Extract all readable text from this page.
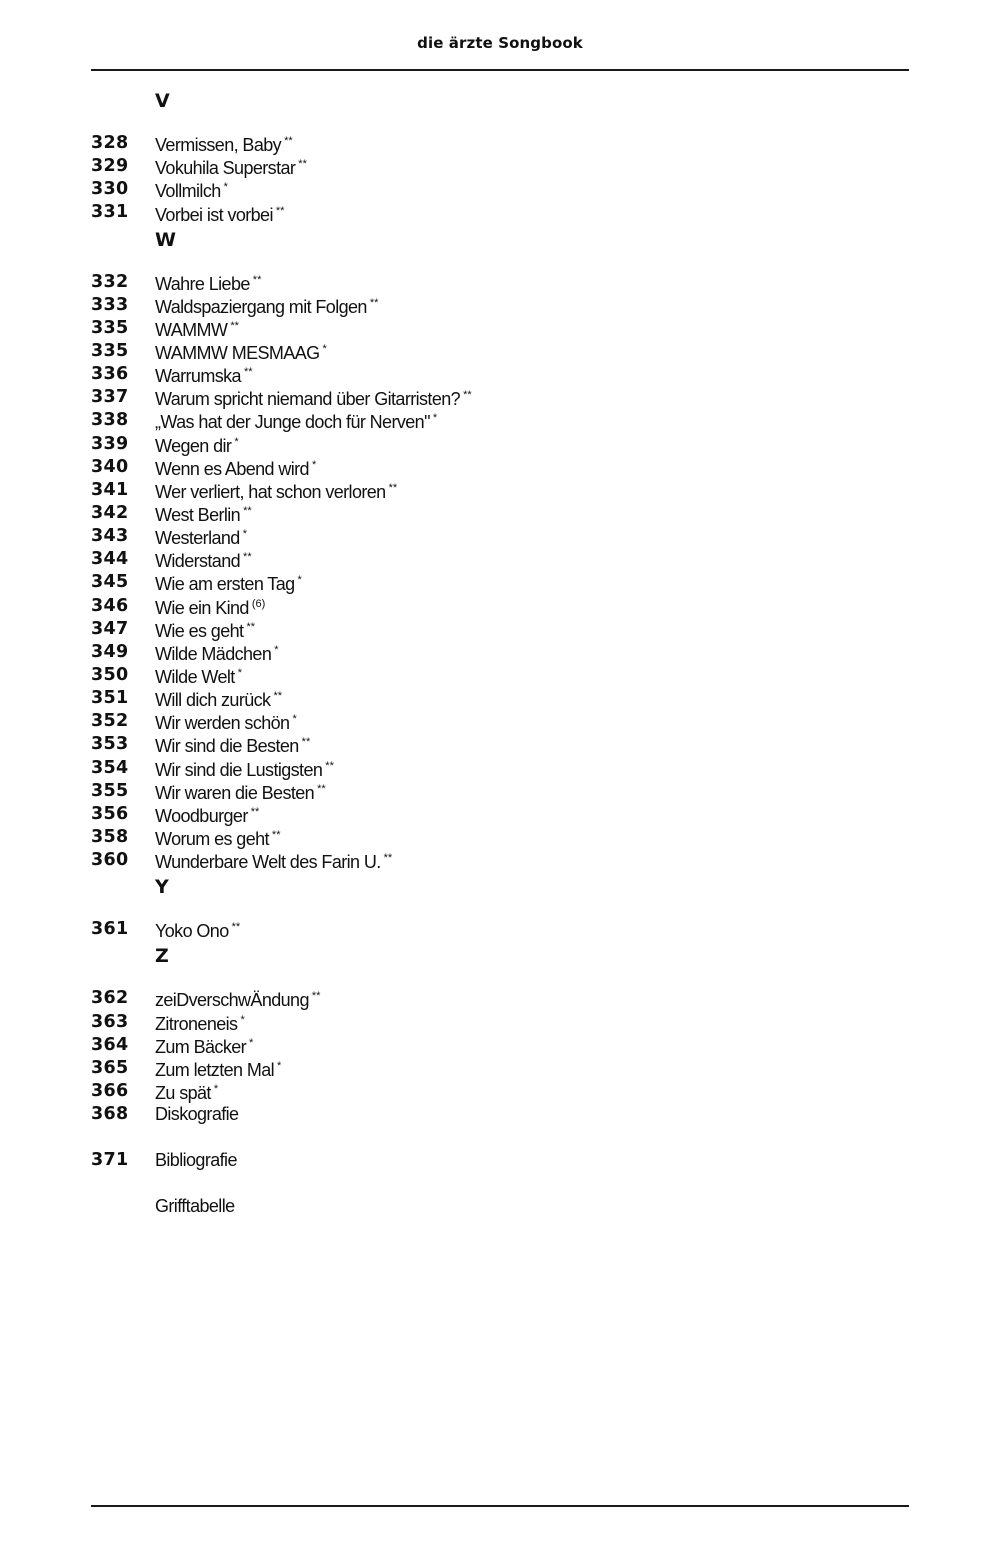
die ärzte Songbook
V
328	Vermissen, Baby **
329	Vokuhila Superstar **
330	Vollmilch *
331	Vorbei ist vorbei **
W
332	Wahre Liebe **
333	Waldspaziergang mit Folgen **
335	WAMMW **
335	WAMMW MESMAAG *
336	Warrumska **
337	Warum spricht niemand über Gitarristen? **
338	„Was hat der Junge doch für Nerven" *
339	Wegen dir *
340	Wenn es Abend wird *
341	Wer verliert, hat schon verloren **
342	West Berlin **
343	Westerland *
344	Widerstand **
345	Wie am ersten Tag *
346	Wie ein Kind $^{(6)}$
347	Wie es geht **
349	Wilde Mädchen *
350	Wilde Welt *
351	Will dich zurück **
352	Wir werden schön *
353	Wir sind die Besten **
354	Wir sind die Lustigsten **
355	Wir waren die Besten **
356	Woodburger **
358	Worum es geht **
360	Wunderbare Welt des Farin U. **
Y
361	Yoko Ono **
Z
362	zeiDverschwÄndung **
363	Zitroneneis *
364	Zum Bäcker *
365	Zum letzten Mal *
366	Zu spät *
368	Diskografie
371	Bibliografie
Grifftabelle
